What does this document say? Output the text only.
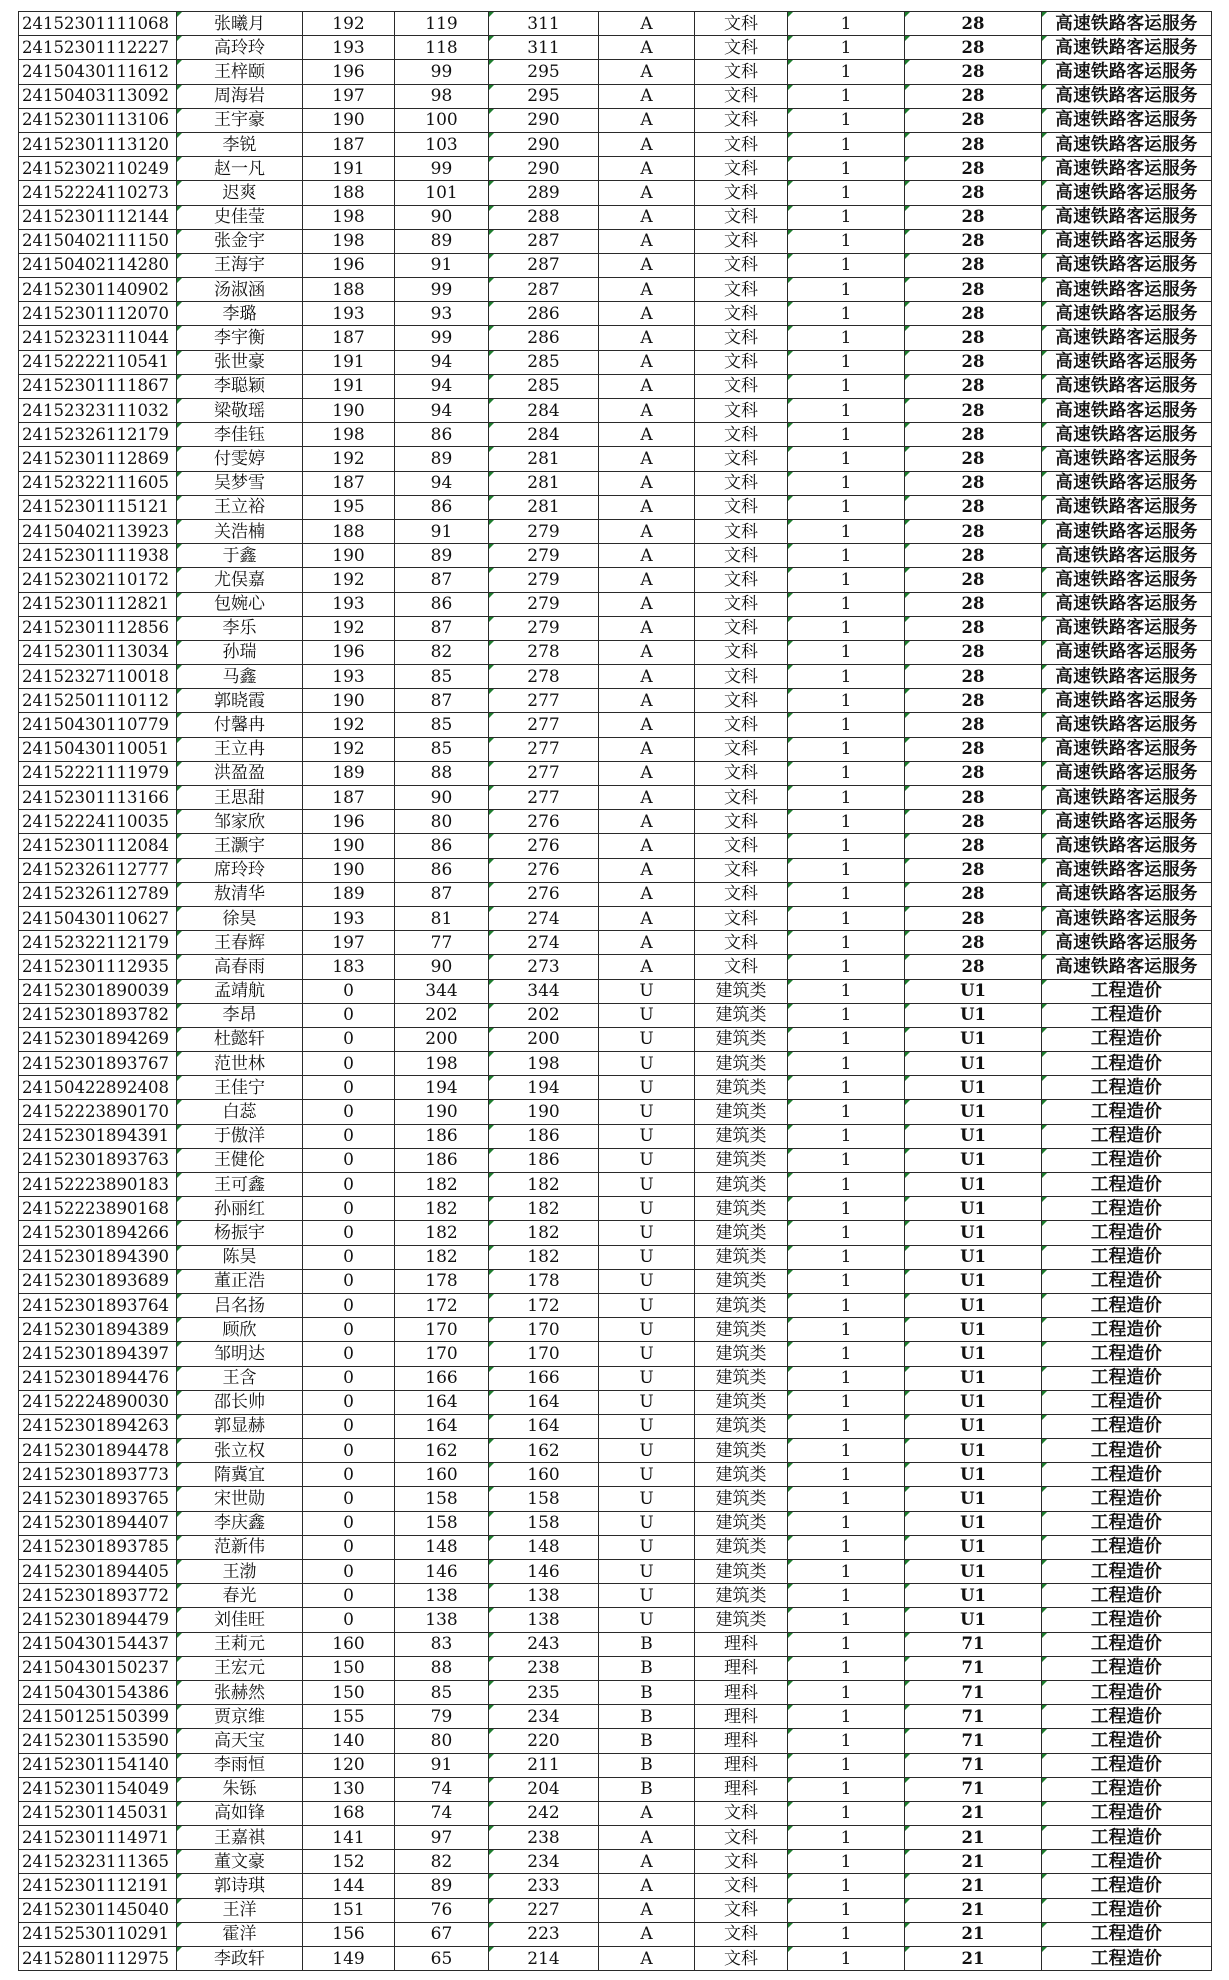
24152301111068	张曦月	192	119	311	A	文科	1	28	高速铁路客运服务
24152301112227	高玲玲	193	118	311	A	文科	1	28	高速铁路客运服务
24150430111612	王梓颐	196	99	295	A	文科	1	28	高速铁路客运服务
24150403113092	周海岩	197	98	295	A	文科	1	28	高速铁路客运服务
24152301113106	王宇豪	190	100	290	A	文科	1	28	高速铁路客运服务
24152301113120	李锐	187	103	290	A	文科	1	28	高速铁路客运服务
24152302110249	赵一凡	191	99	290	A	文科	1	28	高速铁路客运服务
24152224110273	迟爽	188	101	289	A	文科	1	28	高速铁路客运服务
24152301112144	史佳莹	198	90	288	A	文科	1	28	高速铁路客运服务
24150402111150	张金宇	198	89	287	A	文科	1	28	高速铁路客运服务
24150402114280	王海宇	196	91	287	A	文科	1	28	高速铁路客运服务
24152301140902	汤淑涵	188	99	287	A	文科	1	28	高速铁路客运服务
24152301112070	李璐	193	93	286	A	文科	1	28	高速铁路客运服务
24152323111044	李宇衡	187	99	286	A	文科	1	28	高速铁路客运服务
24152222110541	张世豪	191	94	285	A	文科	1	28	高速铁路客运服务
24152301111867	李聪颖	191	94	285	A	文科	1	28	高速铁路客运服务
24152323111032	梁敬瑶	190	94	284	A	文科	1	28	高速铁路客运服务
24152326112179	李佳钰	198	86	284	A	文科	1	28	高速铁路客运服务
24152301112869	付雯婷	192	89	281	A	文科	1	28	高速铁路客运服务
24152322111605	吴梦雪	187	94	281	A	文科	1	28	高速铁路客运服务
24152301115121	王立裕	195	86	281	A	文科	1	28	高速铁路客运服务
24150402113923	关浩楠	188	91	279	A	文科	1	28	高速铁路客运服务
24152301111938	于鑫	190	89	279	A	文科	1	28	高速铁路客运服务
24152302110172	尤俣嘉	192	87	279	A	文科	1	28	高速铁路客运服务
24152301112821	包婉心	193	86	279	A	文科	1	28	高速铁路客运服务
24152301112856	李乐	192	87	279	A	文科	1	28	高速铁路客运服务
24152301113034	孙瑞	196	82	278	A	文科	1	28	高速铁路客运服务
24152327110018	马鑫	193	85	278	A	文科	1	28	高速铁路客运服务
24152501110112	郭晓霞	190	87	277	A	文科	1	28	高速铁路客运服务
24150430110779	付馨冉	192	85	277	A	文科	1	28	高速铁路客运服务
24150430110051	王立冉	192	85	277	A	文科	1	28	高速铁路客运服务
24152221111979	洪盈盈	189	88	277	A	文科	1	28	高速铁路客运服务
24152301113166	王思甜	187	90	277	A	文科	1	28	高速铁路客运服务
24152224110035	邹家欣	196	80	276	A	文科	1	28	高速铁路客运服务
24152301112084	王灏宇	190	86	276	A	文科	1	28	高速铁路客运服务
24152326112777	席玲玲	190	86	276	A	文科	1	28	高速铁路客运服务
24152326112789	敖清华	189	87	276	A	文科	1	28	高速铁路客运服务
24150430110627	徐昊	193	81	274	A	文科	1	28	高速铁路客运服务
24152322112179	王春辉	197	77	274	A	文科	1	28	高速铁路客运服务
24152301112935	高春雨	183	90	273	A	文科	1	28	高速铁路客运服务
24152301890039	孟靖航	0	344	344	U	建筑类	1	U1	工程造价
24152301893782	李昂	0	202	202	U	建筑类	1	U1	工程造价
24152301894269	杜懿轩	0	200	200	U	建筑类	1	U1	工程造价
24152301893767	范世林	0	198	198	U	建筑类	1	U1	工程造价
24150422892408	王佳宁	0	194	194	U	建筑类	1	U1	工程造价
24152223890170	白蕊	0	190	190	U	建筑类	1	U1	工程造价
24152301894391	于傲洋	0	186	186	U	建筑类	1	U1	工程造价
24152301893763	王健伦	0	186	186	U	建筑类	1	U1	工程造价
24152223890183	王可鑫	0	182	182	U	建筑类	1	U1	工程造价
24152223890168	孙丽红	0	182	182	U	建筑类	1	U1	工程造价
24152301894266	杨振宇	0	182	182	U	建筑类	1	U1	工程造价
24152301894390	陈昊	0	182	182	U	建筑类	1	U1	工程造价
24152301893689	董正浩	0	178	178	U	建筑类	1	U1	工程造价
24152301893764	吕名扬	0	172	172	U	建筑类	1	U1	工程造价
24152301894389	顾欣	0	170	170	U	建筑类	1	U1	工程造价
24152301894397	邹明达	0	170	170	U	建筑类	1	U1	工程造价
24152301894476	王含	0	166	166	U	建筑类	1	U1	工程造价
24152224890030	邵长帅	0	164	164	U	建筑类	1	U1	工程造价
24152301894263	郭显赫	0	164	164	U	建筑类	1	U1	工程造价
24152301894478	张立权	0	162	162	U	建筑类	1	U1	工程造价
24152301893773	隋冀宜	0	160	160	U	建筑类	1	U1	工程造价
24152301893765	宋世勋	0	158	158	U	建筑类	1	U1	工程造价
24152301894407	李庆鑫	0	158	158	U	建筑类	1	U1	工程造价
24152301893785	范新伟	0	148	148	U	建筑类	1	U1	工程造价
24152301894405	王渤	0	146	146	U	建筑类	1	U1	工程造价
24152301893772	春光	0	138	138	U	建筑类	1	U1	工程造价
24152301894479	刘佳旺	0	138	138	U	建筑类	1	U1	工程造价
24150430154437	王莉元	160	83	243	B	理科	1	71	工程造价
24150430150237	王宏元	150	88	238	B	理科	1	71	工程造价
24150430154386	张赫然	150	85	235	B	理科	1	71	工程造价
24150125150399	贾京维	155	79	234	B	理科	1	71	工程造价
24152301153590	高天宝	140	80	220	B	理科	1	71	工程造价
24152301154140	李雨恒	120	91	211	B	理科	1	71	工程造价
24152301154049	朱铄	130	74	204	B	理科	1	71	工程造价
24152301145031	高如锋	168	74	242	A	文科	1	21	工程造价
24152301114971	王嘉祺	141	97	238	A	文科	1	21	工程造价
24152323111365	董文豪	152	82	234	A	文科	1	21	工程造价
24152301112191	郭诗琪	144	89	233	A	文科	1	21	工程造价
24152301145040	王洋	151	76	227	A	文科	1	21	工程造价
24152530110291	霍洋	156	67	223	A	文科	1	21	工程造价
24152801112975	李政轩	149	65	214	A	文科	1	21	工程造价
